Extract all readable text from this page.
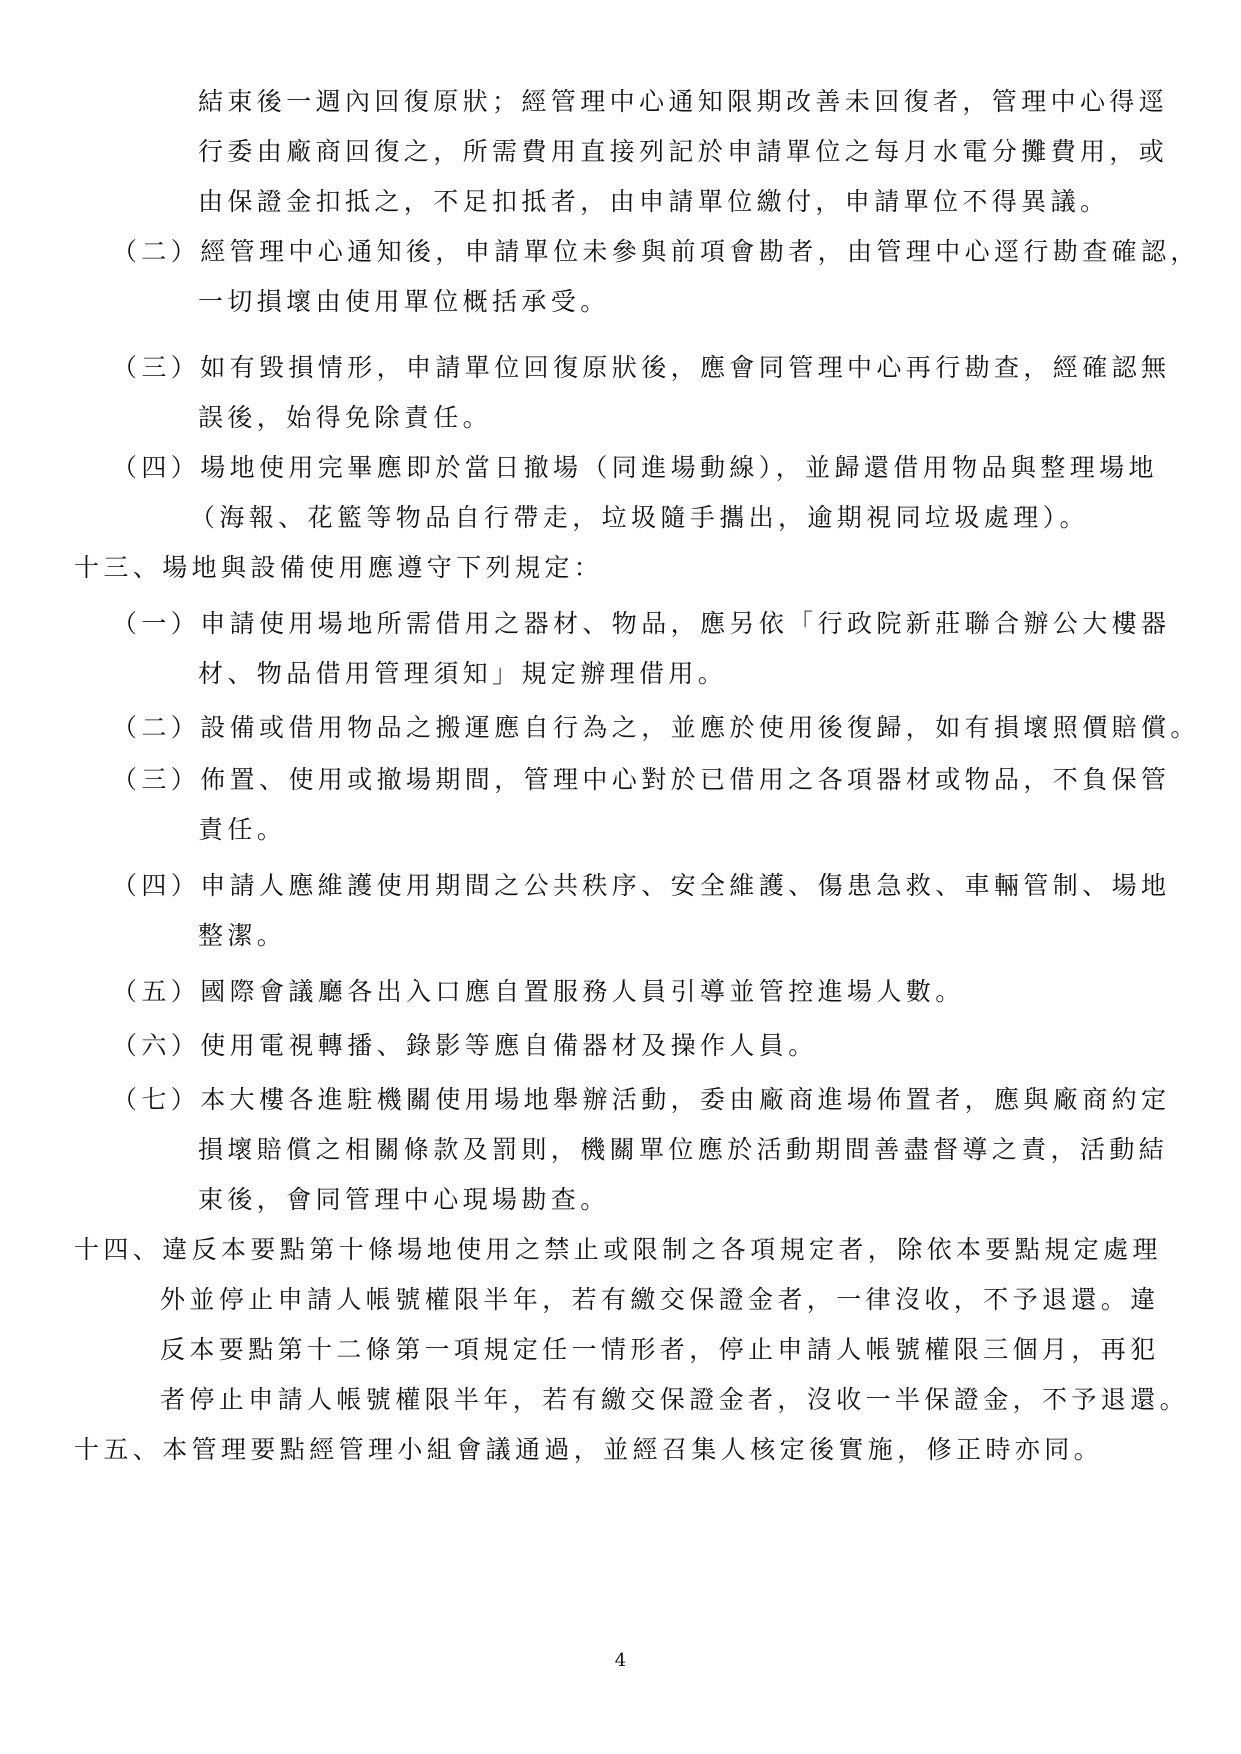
結束後一週內回復原狀；經管理中心通知限期改善未回復者，管理中心得逕
行委由廠商回復之，所需費用直接列記於申請單位之每月水電分攤費用，或
由保證金扣抵之，不足扣抵者，由申請單位繳付，申請單位不得異議。
（二）經管理中心通知後，申請單位未參與前項會勘者，由管理中心逕行勘查確認，
一切損壞由使用單位概括承受。
（三）如有毀損情形，申請單位回復原狀後，應會同管理中心再行勘查，經確認無
誤後，始得免除責任。
（四）場地使用完畢應即於當日撤場（同進場動線），並歸還借用物品與整理場地
（海報、花籃等物品自行帶走，垃圾隨手攜出，逾期視同垃圾處理）。
十三、場地與設備使用應遵守下列規定：
（一）申請使用場地所需借用之器材、物品，應另依「行政院新莊聯合辦公大樓器
材、物品借用管理須知」規定辦理借用。
（二）設備或借用物品之搬運應自行為之，並應於使用後復歸，如有損壞照價賠償。
（三）佈置、使用或撤場期間，管理中心對於已借用之各項器材或物品，不負保管
責任。
（四）申請人應維護使用期間之公共秩序、安全維護、傷患急救、車輛管制、場地
整潔。
（五）國際會議廳各出入口應自置服務人員引導並管控進場人數。
（六）使用電視轉播、錄影等應自備器材及操作人員。
（七）本大樓各進駐機關使用場地舉辦活動，委由廠商進場佈置者，應與廠商約定
損壞賠償之相關條款及罰則，機關單位應於活動期間善盡督導之責，活動結
束後，會同管理中心現場勘查。
十四、違反本要點第十條場地使用之禁止或限制之各項規定者，除依本要點規定處理
外並停止申請人帳號權限半年，若有繳交保證金者，一律沒收，不予退還。違
反本要點第十二條第一項規定任一情形者，停止申請人帳號權限三個月，再犯
者停止申請人帳號權限半年，若有繳交保證金者，沒收一半保證金，不予退還。
十五、本管理要點經管理小組會議通過，並經召集人核定後實施，修正時亦同。
4
